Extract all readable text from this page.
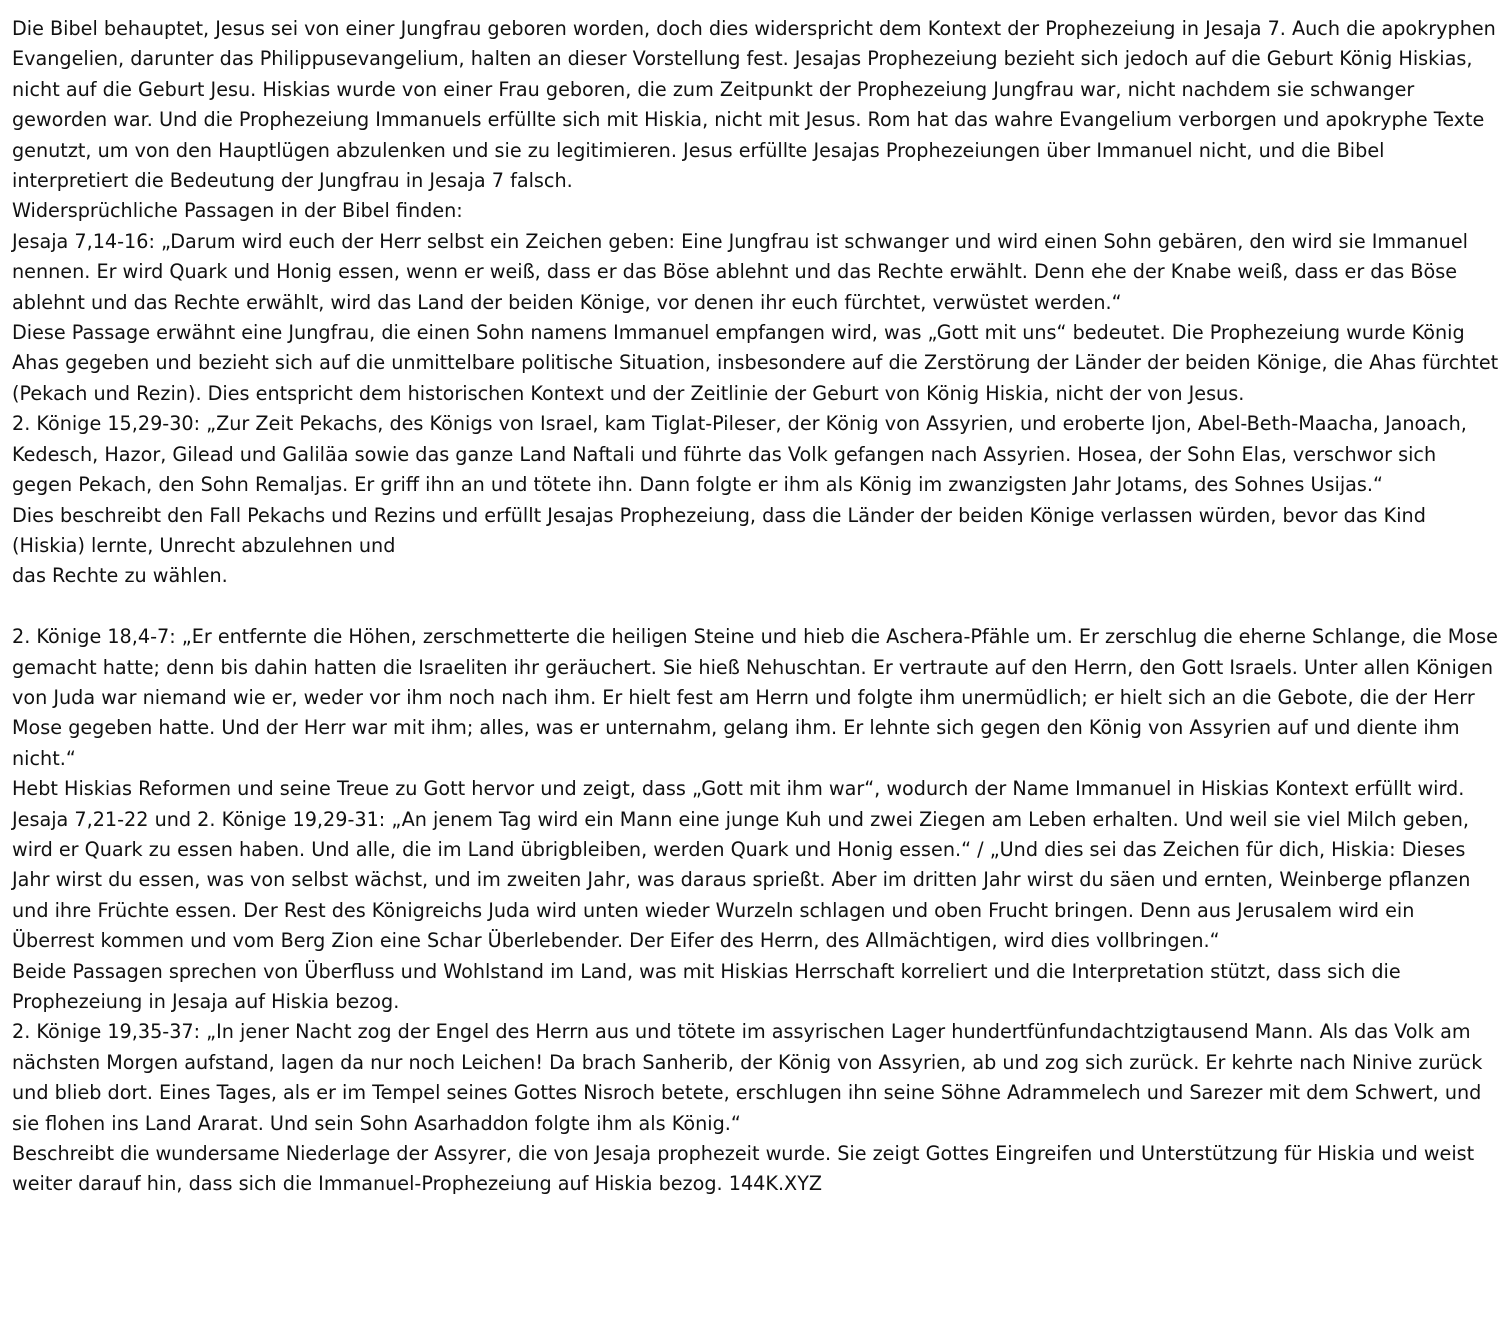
Die Bibel behauptet, Jesus sei von einer Jungfrau geboren worden, doch dies widerspricht dem Kontext der Prophezeiung in Jesaja 7. Auch die apokryphen Evangelien, darunter das Philippusevangelium, halten an dieser Vorstellung fest. Jesajas Prophezeiung bezieht sich jedoch auf die Geburt König Hiskias, nicht auf die Geburt Jesu. Hiskias wurde von einer Frau geboren, die zum Zeitpunkt der Prophezeiung Jungfrau war, nicht nachdem sie schwanger geworden war. Und die Prophezeiung Immanuels erfüllte sich mit Hiskia, nicht mit Jesus. Rom hat das wahre Evangelium verborgen und apokryphe Texte genutzt, um von den Hauptlügen abzulenken und sie zu legitimieren. Jesus erfüllte Jesajas Prophezeiungen über Immanuel nicht, und die Bibel interpretiert die Bedeutung der Jungfrau in Jesaja 7 falsch.

Widersprüchliche Passagen in der Bibel finden:

Jesaja 7,14-16: „Darum wird euch der Herr selbst ein Zeichen geben: Eine Jungfrau ist schwanger und wird einen Sohn gebären, den wird sie Immanuel nennen. Er wird Quark und Honig essen, wenn er weiß, dass er das Böse ablehnt und das Rechte erwählt. Denn ehe der Knabe weiß, dass er das Böse ablehnt und das Rechte erwählt, wird das Land der beiden Könige, vor denen ihr euch fürchtet, verwüstet werden.“

Diese Passage erwähnt eine Jungfrau, die einen Sohn namens Immanuel empfangen wird, was „Gott mit uns“ bedeutet. Die Prophezeiung wurde König Ahas gegeben und bezieht sich auf die unmittelbare politische Situation, insbesondere auf die Zerstörung der Länder der beiden Könige, die Ahas fürchtet (Pekach und Rezin). Dies entspricht dem historischen Kontext und der Zeitlinie der Geburt von König Hiskia, nicht der von Jesus.

2. Könige 15,29-30: „Zur Zeit Pekachs, des Königs von Israel, kam Tiglat-Pileser, der König von Assyrien, und eroberte Ijon, Abel-Beth-Maacha, Janoach, Kedesch, Hazor, Gilead und Galiläa sowie das ganze Land Naftali und führte das Volk gefangen nach Assyrien. Hosea, der Sohn Elas, verschwor sich gegen Pekach, den Sohn Remaljas. Er griff ihn an und tötete ihn. Dann folgte er ihm als König im zwanzigsten Jahr Jotams, des Sohnes Usijas.“

Dies beschreibt den Fall Pekachs und Rezins und erfüllt Jesajas Prophezeiung, dass die Länder der beiden Könige verlassen würden, bevor das Kind (Hiskia) lernte, Unrecht abzulehnen und

das Rechte zu wählen.

2. Könige 18,4-7: „Er entfernte die Höhen, zerschmetterte die heiligen Steine und hieb die Aschera-Pfähle um. Er zerschlug die eherne Schlange, die Mose gemacht hatte; denn bis dahin hatten die Israeliten ihr geräuchert. Sie hieß Nehuschtan. Er vertraute auf den Herrn, den Gott Israels. Unter allen Königen von Juda war niemand wie er, weder vor ihm noch nach ihm. Er hielt fest am Herrn und folgte ihm unermüdlich; er hielt sich an die Gebote, die der Herr Mose gegeben hatte. Und der Herr war mit ihm; alles, was er unternahm, gelang ihm. Er lehnte sich gegen den König von Assyrien auf und diente ihm nicht.“

Hebt Hiskias Reformen und seine Treue zu Gott hervor und zeigt, dass „Gott mit ihm war“, wodurch der Name Immanuel in Hiskias Kontext erfüllt wird.

Jesaja 7,21-22 und 2. Könige 19,29-31: „An jenem Tag wird ein Mann eine junge Kuh und zwei Ziegen am Leben erhalten. Und weil sie viel Milch geben, wird er Quark zu essen haben. Und alle, die im Land übrigbleiben, werden Quark und Honig essen.“ / „Und dies sei das Zeichen für dich, Hiskia: Dieses Jahr wirst du essen, was von selbst wächst, und im zweiten Jahr, was daraus sprießt. Aber im dritten Jahr wirst du säen und ernten, Weinberge pflanzen und ihre Früchte essen. Der Rest des Königreichs Juda wird unten wieder Wurzeln schlagen und oben Frucht bringen. Denn aus Jerusalem wird ein Überrest kommen und vom Berg Zion eine Schar Überlebender. Der Eifer des Herrn, des Allmächtigen, wird dies vollbringen.“

Beide Passagen sprechen von Überfluss und Wohlstand im Land, was mit Hiskias Herrschaft korreliert und die Interpretation stützt, dass sich die Prophezeiung in Jesaja auf Hiskia bezog.

2. Könige 19,35-37: „In jener Nacht zog der Engel des Herrn aus und tötete im assyrischen Lager hundertfünfundachtzigtausend Mann. Als das Volk am nächsten Morgen aufstand, lagen da nur noch Leichen! Da brach Sanherib, der König von Assyrien, ab und zog sich zurück. Er kehrte nach Ninive zurück und blieb dort. Eines Tages, als er im Tempel seines Gottes Nisroch betete, erschlugen ihn seine Söhne Adrammelech und Sarezer mit dem Schwert, und sie flohen ins Land Ararat. Und sein Sohn Asarhaddon folgte ihm als König.“

Beschreibt die wundersame Niederlage der Assyrer, die von Jesaja prophezeit wurde. Sie zeigt Gottes Eingreifen und Unterstützung für Hiskia und weist weiter darauf hin, dass sich die Immanuel-Prophezeiung auf Hiskia bezog. 144K.XYZ
